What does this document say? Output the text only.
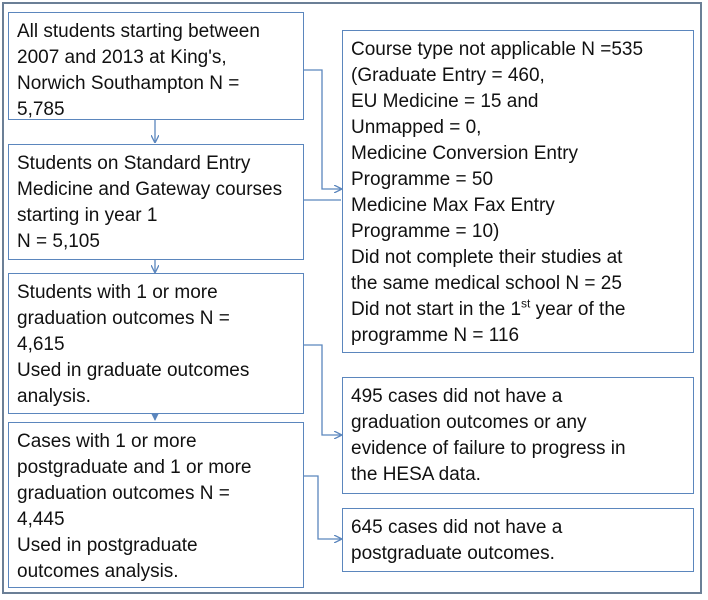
All students starting between

2007 and 2013 at King's,

Norwich Southampton N =

5,785

Students on Standard Entry

Medicine and Gateway courses

starting in year 1

N = 5,105

Students with 1 or more

graduation outcomes N =

4,615

Used in graduate outcomes

analysis.

Cases with 1 or more

postgraduate and 1 or more

graduation outcomes N =

4,445

Used in postgraduate

outcomes analysis.

Course type not applicable N =535

(Graduate Entry = 460,

EU Medicine = 15 and

Unmapped = 0,

Medicine Conversion Entry

Programme = 50

Medicine Max Fax Entry

Programme = 10)

Did not complete their studies at

the same medical school N = 25

Did not start in the 1st year of the

programme N = 116

495 cases did not have a

graduation outcomes or any

evidence of failure to progress in

the HESA data.

645 cases did not have a

postgraduate outcomes.
